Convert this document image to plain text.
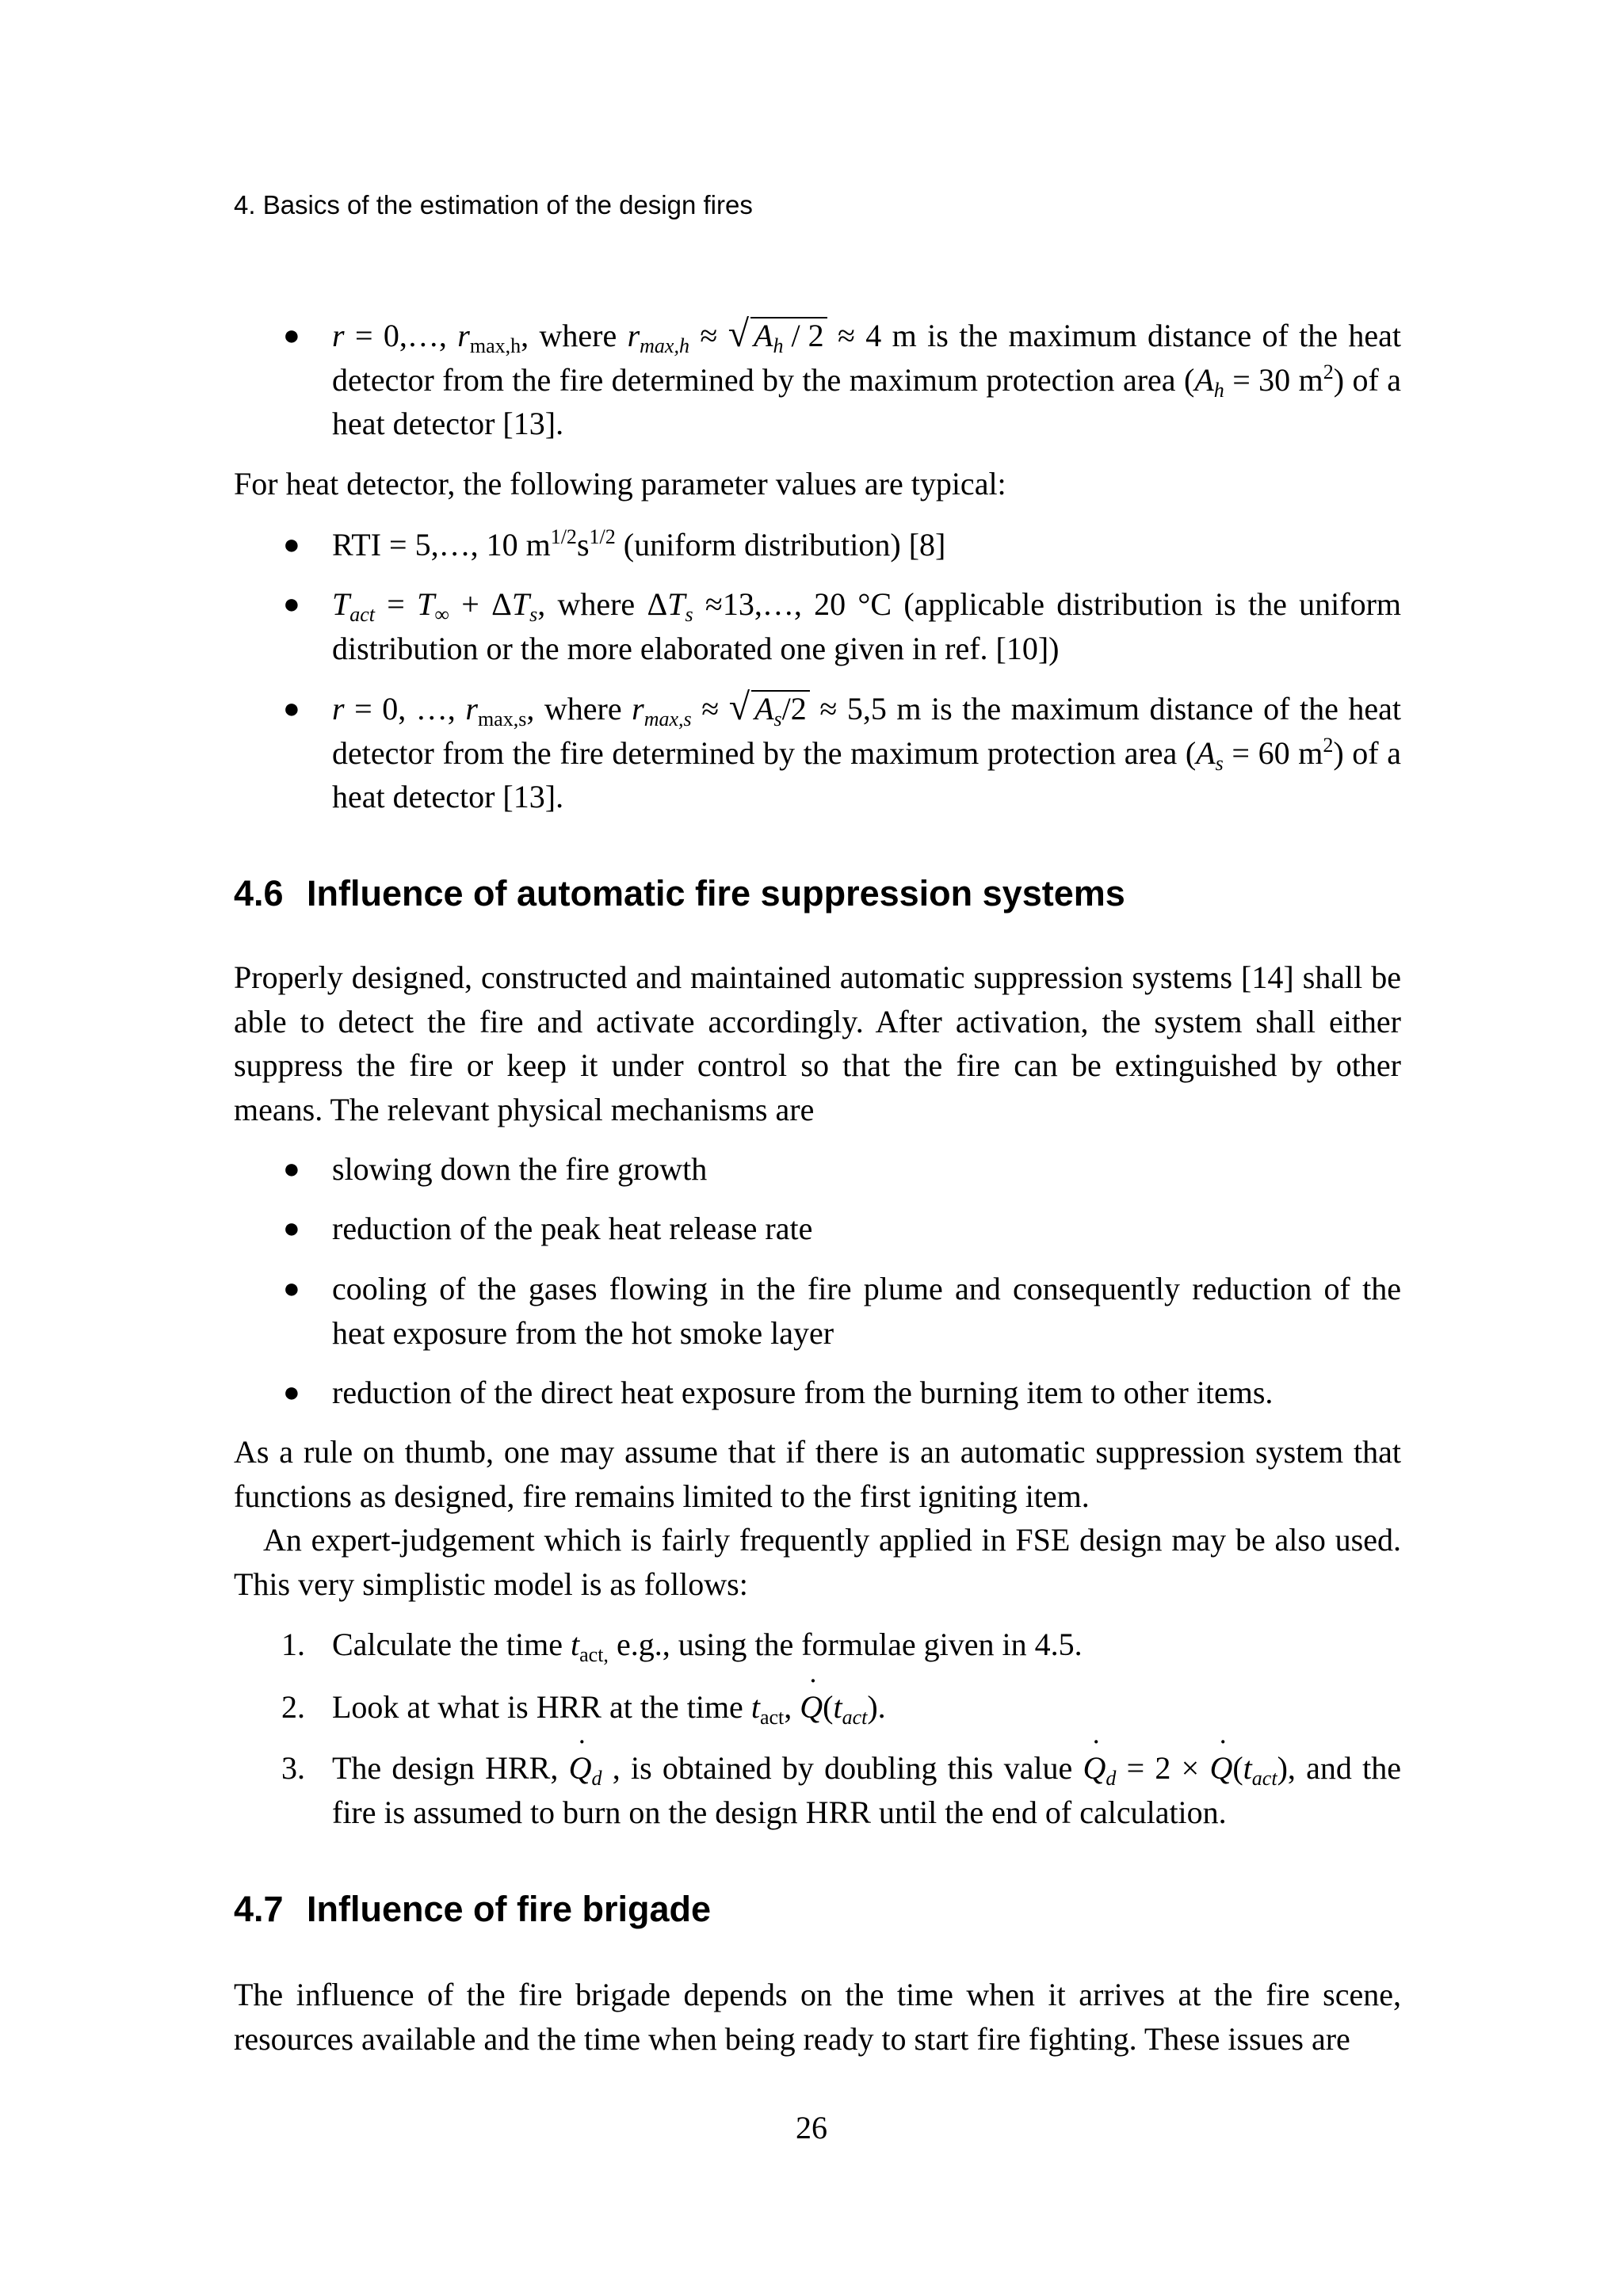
4. Basics of the estimation of the design fires
● r = 0,…, $r_{max,h}$, where $r_{max,h}$ ≈ √ $A_h / 2 \approx 4$ m is the maximum distance of the heat detector from the fire determined by the maximum protection area ($A_h = 30$ $m^2$) of a heat detector [13].
For heat detector, the following parameter values are typical:
● RTI = 5,…, 10 $m^{1/2}s^{1/2}$ (uniform distribution) [8]
● $T_{act} = T_\infty + \Delta T_s$, where $\Delta T_s$ ≈13,…, 20 °C (applicable distribution is the uniform distribution or the more elaborated one given in ref. [10])
● r = 0, …, $r_{max,s}$, where $r_{max,s}$ ≈ √ $A_s/2 \approx 5,5$ m is the maximum distance of the heat detector from the fire determined by the maximum protection area ($A_s = 60$ $m^2$) of a heat detector [13].
4.6 Influence of automatic fire suppression systems
Properly designed, constructed and maintained automatic suppression systems [14] shall be able to detect the fire and activate accordingly. After activation, the system shall either suppress the fire or keep it under control so that the fire can be extinguished by other means. The relevant physical mechanisms are
● slowing down the fire growth
● reduction of the peak heat release rate
● cooling of the gases flowing in the fire plume and consequently reduction of the heat exposure from the hot smoke layer
● reduction of the direct heat exposure from the burning item to other items.
As a rule on thumb, one may assume that if there is an automatic suppression system that functions as designed, fire remains limited to the first igniting item.
An expert-judgement which is fairly frequently applied in FSE design may be also used. This very simplistic model is as follows:
1. Calculate the time $t_{act,}$ e.g., using the formulae given in 4.5.
2. Look at what is HRR at the time $t_{act}$, ˙ $Q(t_{act})$.
3. The design HRR, ˙ $Q_d$ , is obtained by doubling this value ˙ $Q_d = 2$ × ˙ $Q(t_{act})$, and the fire is assumed to burn on the design HRR until the end of calculation.
4.7 Influence of fire brigade
The influence of the fire brigade depends on the time when it arrives at the fire scene, resources available and the time when being ready to start fire fighting. These issues are
26
